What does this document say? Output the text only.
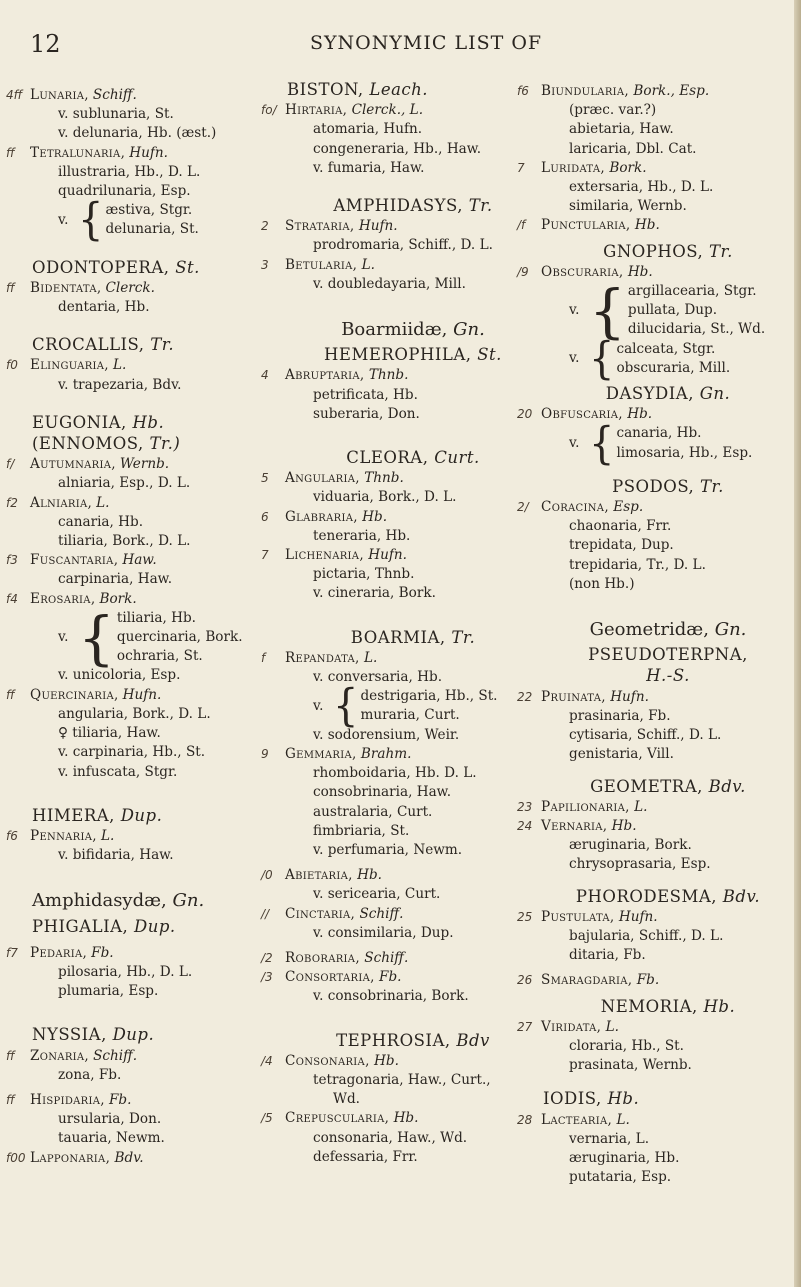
12	SYNONYMIC LIST OF
4ff Lunaria, Schiff.
v. sublunaria, St.
v. delunaria, Hb. (æst.)
ff Tetralunaria, Hufn.
illustraria, Hb., D. L.
quadrilunaria, Esp.
v. { æstiva, Stgr.
delunaria, St.
ODONTOPERA, St.
ff Bidentata, Clerck.
dentaria, Hb.
CROCALLIS, Tr.
f0 Elinguaria, L.
v. trapezaria, Bdv.
EUGONIA, Hb.
(ENNOMOS, Tr.)
f/ Autumnaria, Wernb.
alniaria, Esp., D. L.
f2 Alniaria, L.
canaria, Hb.
tiliaria, Bork., D. L.
f3 Fuscantaria, Haw.
carpinaria, Haw.
f4 Erosaria, Bork.
v. { tiliaria, Hb.
quercinaria, Bork.
ochraria, St.
v. unicoloria, Esp.
ff Quercinaria, Hufn.
angularia, Bork., D. L.
♀ tiliaria, Haw.
v. carpinaria, Hb., St.
v. infuscata, Stgr.
HIMERA, Dup.
f6 Pennaria, L.
v. bifidaria, Haw.
Amphidasydæ, Gn.
PHIGALIA, Dup.
f7 Pedaria, Fb.
pilosaria, Hb., D. L.
plumaria, Esp.
NYSSIA, Dup.
ff Zonaria, Schiff.
zona, Fb.
ff Hispidaria, Fb.
ursularia, Don.
tauaria, Newm.
f00 Lapponaria, Bdv.
BISTON, Leach.
fo/ Hirtaria, Clerck., L.
atomaria, Hufn.
congeneraria, Hb., Haw.
v. fumaria, Haw.
AMPHIDASYS, Tr.
2 Strataria, Hufn.
prodromaria, Schiff., D. L.
3 Betularia, L.
v. doubledayaria, Mill.
Boarmiidæ, Gn.
HEMEROPHILA, St.
4 Abruptaria, Thnb.
petrificata, Hb.
suberaria, Don.
CLEORA, Curt.
5 Angularia, Thnb.
viduaria, Bork., D. L.
6 Glabraria, Hb.
teneraria, Hb.
7 Lichenaria, Hufn.
pictaria, Thnb.
v. cineraria, Bork.
BOARMIA, Tr.
f Repandata, L.
v. conversaria, Hb.
v. { destrigaria, Hb., St.
muraria, Curt.
v. sodorensium, Weir.
9 Gemmaria, Brahm.
rhomboidaria, Hb. D. L.
consobrinaria, Haw.
australaria, Curt.
fimbriaria, St.
v. perfumaria, Newm.
/0 Abietaria, Hb.
v. sericearia, Curt.
// Cinctaria, Schiff.
v. consimilaria, Dup.
/2 Roboraria, Schiff.
/3 Consortaria, Fb.
v. consobrinaria, Bork.
TEPHROSIA, Bdv
/4 Consonaria, Hb.
tetragonaria, Haw., Curt.,
Wd.
/5 Crepuscularia, Hb.
consonaria, Haw., Wd.
defessaria, Frr.
f6 Biundularia, Bork., Esp.
(præc. var.?)
abietaria, Haw.
laricaria, Dbl. Cat.
7 Luridata, Bork.
extersaria, Hb., D. L.
similaria, Wernb.
/f Punctularia, Hb.
GNOPHOS, Tr.
/9 Obscuraria, Hb.
v. { argillacearia, Stgr.
pullata, Dup.
dilucidaria, St., Wd.
v. { calceata, Stgr.
obscuraria, Mill.
DASYDIA, Gn.
20 Obfuscaria, Hb.
v. { canaria, Hb.
limosaria, Hb., Esp.
PSODOS, Tr.
2/ Coracina, Esp.
chaonaria, Frr.
trepidata, Dup.
trepidaria, Tr., D. L.
(non Hb.)
Geometridæ, Gn.
PSEUDOTERPNA,
H.-S.
22 Pruinata, Hufn.
prasinaria, Fb.
cytisaria, Schiff., D. L.
genistaria, Vill.
GEOMETRA, Bdv.
23 Papilionaria, L.
24 Vernaria, Hb.
æruginaria, Bork.
chrysoprasaria, Esp.
PHORODESMA, Bdv.
25 Pustulata, Hufn.
bajularia, Schiff., D. L.
ditaria, Fb.
26 Smaragdaria, Fb.
NEMORIA, Hb.
27 Viridata, L.
cloraria, Hb., St.
prasinata, Wernb.
IODIS, Hb.
28 Lactearia, L.
vernaria, L.
æruginaria, Hb.
putataria, Esp.
